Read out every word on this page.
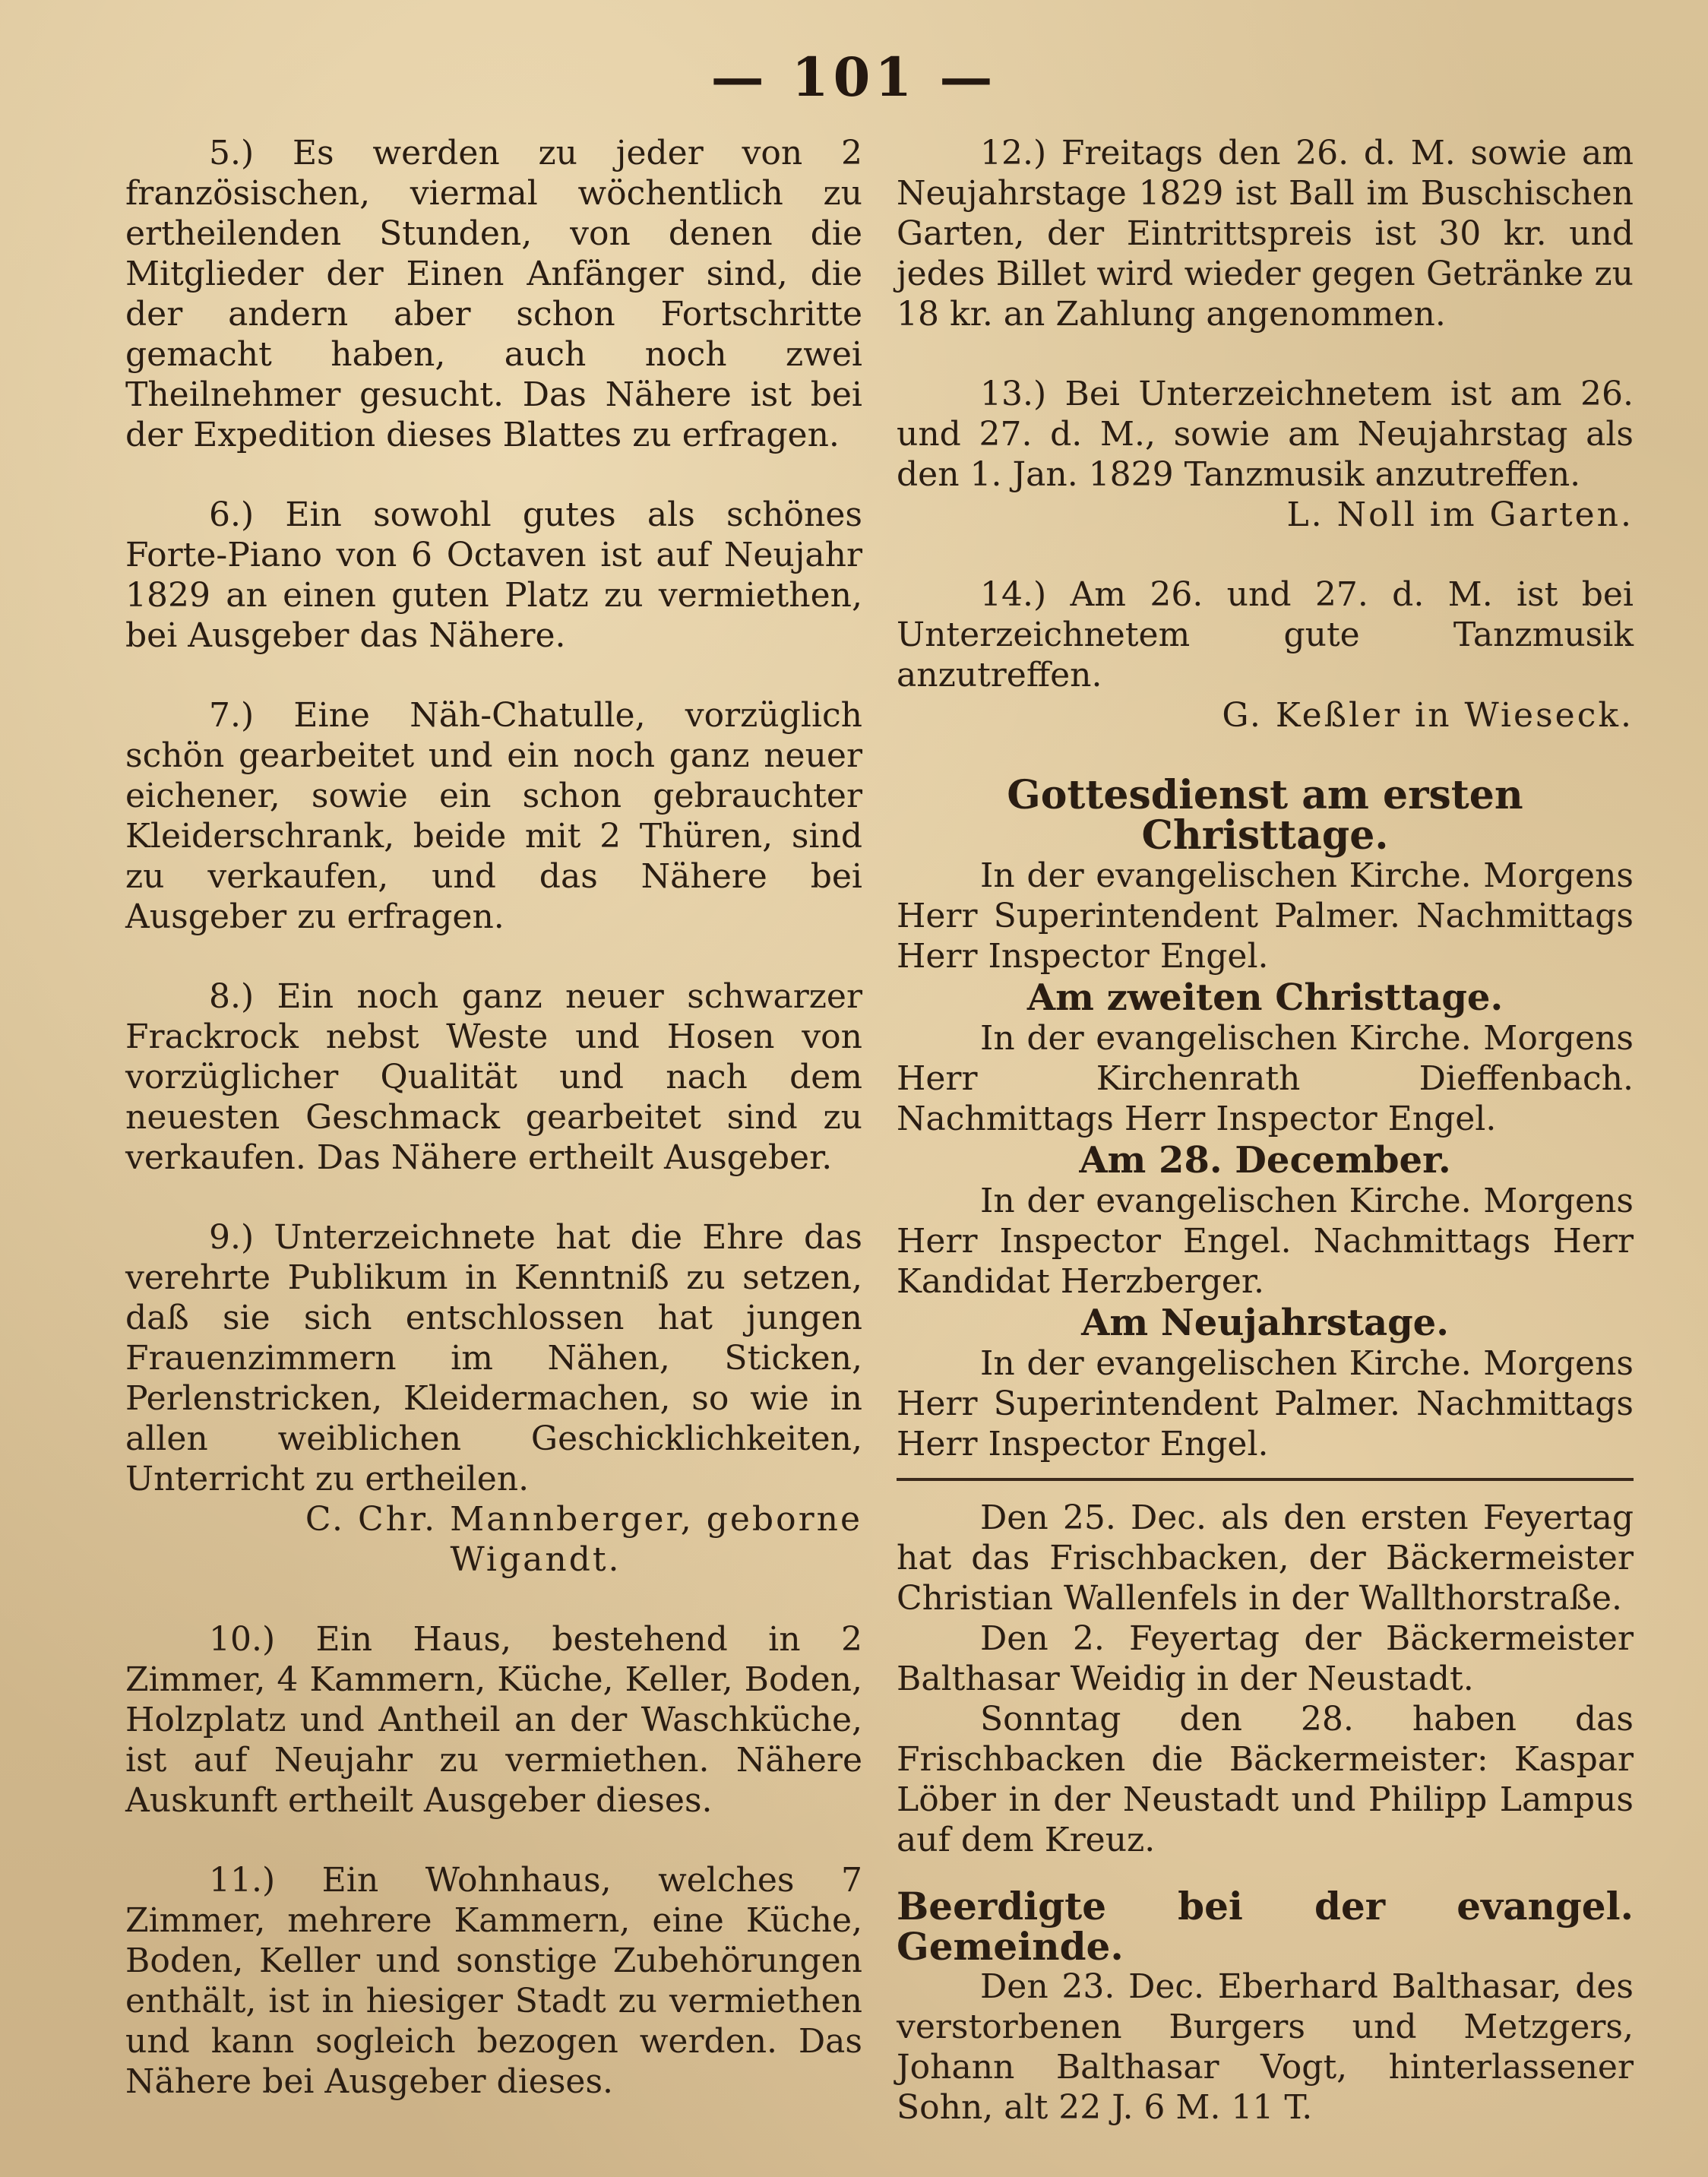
— 101 —

5.) Es werden zu jeder von 2 französischen, viermal wöchentlich zu ertheilenden Stunden, von denen die Mitglieder der Einen Anfänger sind, die der andern aber schon Fortschritte gemacht haben, auch noch zwei Theilnehmer gesucht. Das Nähere ist bei der Expedition dieses Blattes zu erfragen.

6.) Ein sowohl gutes als schönes Forte-Piano von 6 Octaven ist auf Neujahr 1829 an einen guten Platz zu vermiethen, bei Ausgeber das Nähere.

7.) Eine Näh-Chatulle, vorzüglich schön gearbeitet und ein noch ganz neuer eichener, sowie ein schon gebrauchter Kleiderschrank, beide mit 2 Thüren, sind zu verkaufen, und das Nähere bei Ausgeber zu erfragen.

8.) Ein noch ganz neuer schwarzer Frackrock nebst Weste und Hosen von vorzüglicher Qualität und nach dem neuesten Geschmack gearbeitet sind zu verkaufen. Das Nähere ertheilt Ausgeber.

9.) Unterzeichnete hat die Ehre das verehrte Publikum in Kenntniß zu setzen, daß sie sich entschlossen hat jungen Frauenzimmern im Nähen, Sticken, Perlenstricken, Kleidermachen, so wie in allen weiblichen Geschicklichkeiten, Unterricht zu ertheilen.

C. Chr. Mannberger, geborne

Wigandt.

10.) Ein Haus, bestehend in 2 Zimmer, 4 Kammern, Küche, Keller, Boden, Holzplatz und Antheil an der Waschküche, ist auf Neujahr zu vermiethen. Nähere Auskunft ertheilt Ausgeber dieses.

11.) Ein Wohnhaus, welches 7 Zimmer, mehrere Kammern, eine Küche, Boden, Keller und sonstige Zubehörungen enthält, ist in hiesiger Stadt zu vermiethen und kann sogleich bezogen werden. Das Nähere bei Ausgeber dieses.

12.) Freitags den 26. d. M. sowie am Neujahrstage 1829 ist Ball im Buschischen Garten, der Eintrittspreis ist 30 kr. und jedes Billet wird wieder gegen Getränke zu 18 kr. an Zahlung angenommen.

13.) Bei Unterzeichnetem ist am 26. und 27. d. M., sowie am Neujahrstag als den 1. Jan. 1829 Tanzmusik anzutreffen.

L. Noll im Garten.

14.) Am 26. und 27. d. M. ist bei Unterzeichnetem gute Tanzmusik anzutreffen.

G. Keßler in Wieseck.

Gottesdienst am ersten Christtage.

In der evangelischen Kirche. Morgens Herr Superintendent Palmer. Nachmittags Herr Inspector Engel.

Am zweiten Christtage.

In der evangelischen Kirche. Morgens Herr Kirchenrath Dieffenbach. Nachmittags Herr Inspector Engel.

Am 28. December.

In der evangelischen Kirche. Morgens Herr Inspector Engel. Nachmittags Herr Kandidat Herzberger.

Am Neujahrstage.

In der evangelischen Kirche. Morgens Herr Superintendent Palmer. Nachmittags Herr Inspector Engel.

Den 25. Dec. als den ersten Feyertag hat das Frischbacken, der Bäckermeister Christian Wallenfels in der Wallthorstraße.

Den 2. Feyertag der Bäckermeister Balthasar Weidig in der Neustadt.

Sonntag den 28. haben das Frischbacken die Bäckermeister: Kaspar Löber in der Neustadt und Philipp Lampus auf dem Kreuz.

Beerdigte bei der evangel. Gemeinde.

Den 23. Dec. Eberhard Balthasar, des verstorbenen Burgers und Metzgers, Johann Balthasar Vogt, hinterlassener Sohn, alt 22 J. 6 M. 11 T.
